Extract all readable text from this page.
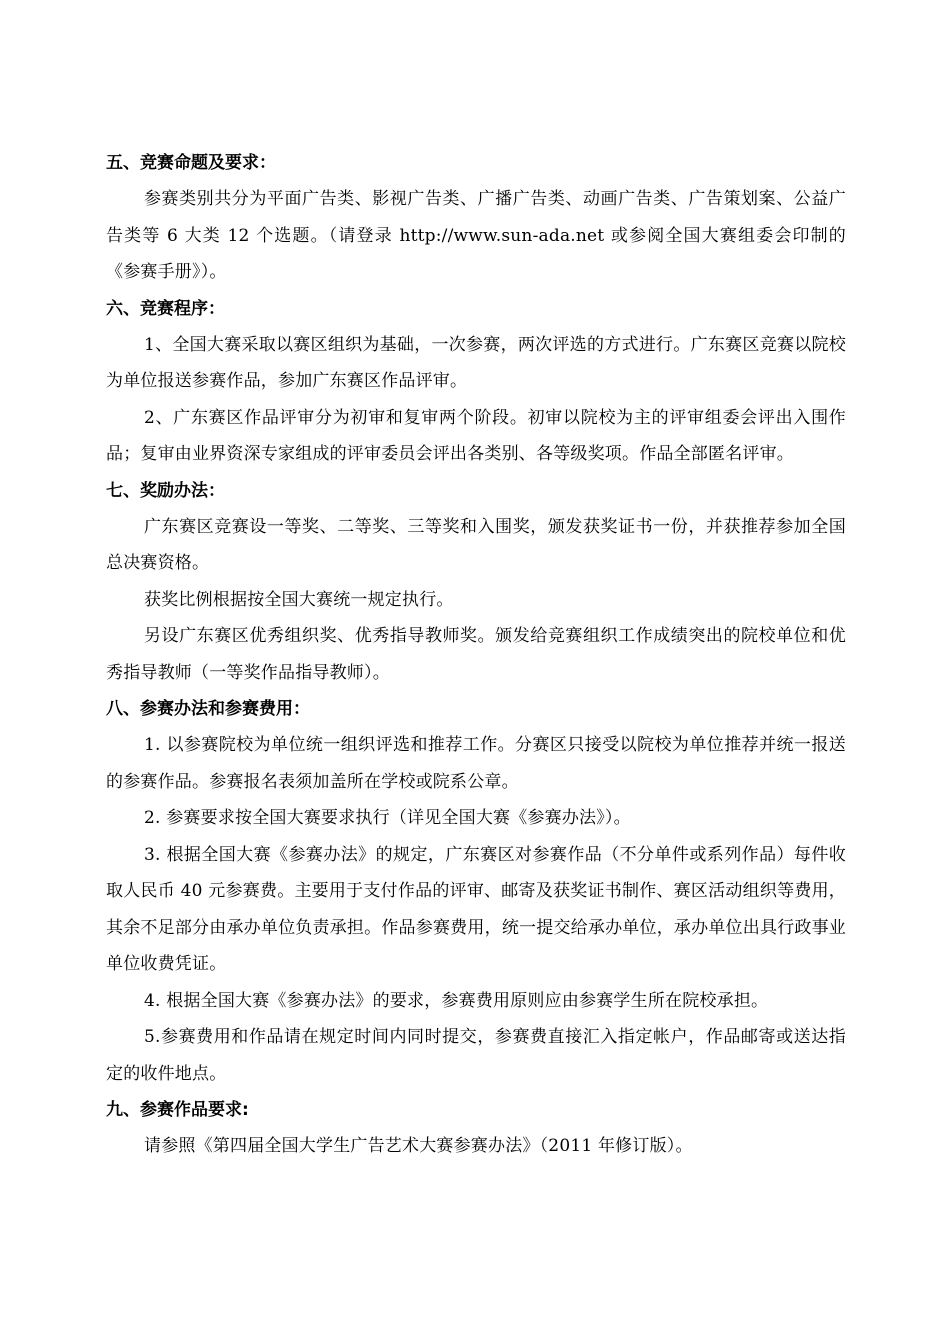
五、竞赛命题及要求：

参赛类别共分为平面广告类、影视广告类、广播广告类、动画广告类、广告策划案、公益广告类等 6 大类 12 个选题。（请登录 http://www.sun-ada.net 或参阅全国大赛组委会印制的《参赛手册》）。

六、竞赛程序：

1、全国大赛采取以赛区组织为基础，一次参赛，两次评选的方式进行。广东赛区竞赛以院校为单位报送参赛作品，参加广东赛区作品评审。

2、广东赛区作品评审分为初审和复审两个阶段。初审以院校为主的评审组委会评出入围作品；复审由业界资深专家组成的评审委员会评出各类别、各等级奖项。作品全部匿名评审。

七、奖励办法：

广东赛区竞赛设一等奖、二等奖、三等奖和入围奖，颁发获奖证书一份，并获推荐参加全国总决赛资格。

获奖比例根据按全国大赛统一规定执行。

另设广东赛区优秀组织奖、优秀指导教师奖。颁发给竞赛组织工作成绩突出的院校单位和优秀指导教师（一等奖作品指导教师）。

八、参赛办法和参赛费用：

1. 以参赛院校为单位统一组织评选和推荐工作。分赛区只接受以院校为单位推荐并统一报送的参赛作品。参赛报名表须加盖所在学校或院系公章。

2. 参赛要求按全国大赛要求执行（详见全国大赛《参赛办法》）。

3. 根据全国大赛《参赛办法》的规定，广东赛区对参赛作品（不分单件或系列作品）每件收取人民币 40 元参赛费。主要用于支付作品的评审、邮寄及获奖证书制作、赛区活动组织等费用，其余不足部分由承办单位负责承担。作品参赛费用，统一提交给承办单位，承办单位出具行政事业单位收费凭证。

4. 根据全国大赛《参赛办法》的要求，参赛费用原则应由参赛学生所在院校承担。

5.参赛费用和作品请在规定时间内同时提交，参赛费直接汇入指定帐户，作品邮寄或送达指定的收件地点。

九、参赛作品要求:

请参照《第四届全国大学生广告艺术大赛参赛办法》（2011 年修订版）。
